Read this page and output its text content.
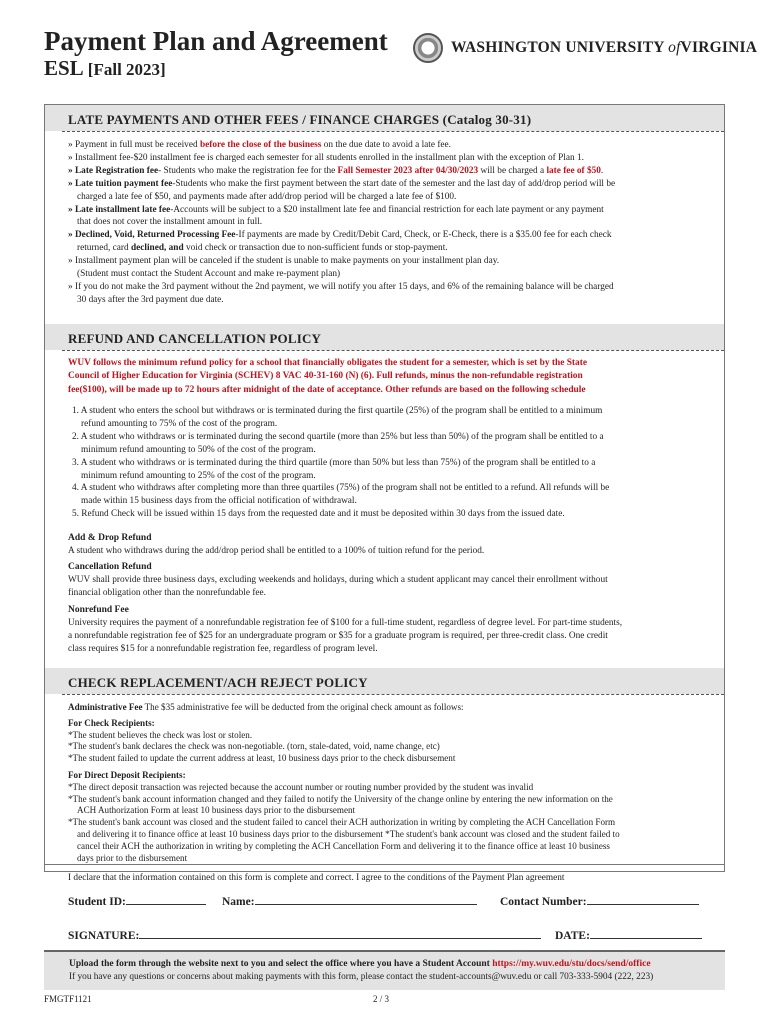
Payment Plan and Agreement
ESL [Fall 2023]
WASHINGTON UNIVERSITY ofVIRGINIA
LATE PAYMENTS AND OTHER FEES / FINANCE CHARGES (Catalog 30-31)

» Payment in full must be received before the close of the business on the due date to avoid a late fee.

» Installment fee-$20 installment fee is charged each semester for all students enrolled in the installment plan with the exception of Plan 1.

» Late Registration fee- Students who make the registration fee for the Fall Semester 2023 after 04/30/2023 will be charged a late fee of $50.

» Late tuition payment fee-Students who make the first payment between the start date of the semester and the last day of add/drop period will be

charged a late fee of $50, and payments made after add/drop period will be charged a late fee of $100.

» Late installment late fee-Accounts will be subject to a $20 installment late fee and financial restriction for each late payment or any payment

that does not cover the installment amount in full.

» Declined, Void, Returned Processing Fee-If payments are made by Credit/Debit Card, Check, or E-Check, there is a $35.00 fee for each check

returned, card declined, and void check or transaction due to non-sufficient funds or stop-payment.

» Installment payment plan will be canceled if the student is unable to make payments on your installment plan day.

(Student must contact the Student Account and make re-payment plan)

» If you do not make the 3rd payment without the 2nd payment, we will notify you after 15 days, and 6% of the remaining balance will be charged

30 days after the 3rd payment due date.

REFUND AND CANCELLATION POLICY

WUV follows the minimum refund policy for a school that financially obligates the student for a semester, which is set by the State

Council of Higher Education for Virginia (SCHEV) 8 VAC 40-31-160 (N) (6). Full refunds, minus the non-refundable registration

fee($100), will be made up to 72 hours after midnight of the date of acceptance. Other refunds are based on the following schedule

1. A student who enters the school but withdraws or is terminated during the first quartile (25%) of the program shall be entitled to a minimum

refund amounting to 75% of the cost of the program.

2. A student who withdraws or is terminated during the second quartile (more than 25% but less than 50%) of the program shall be entitled to a

minimum refund amounting to 50% of the cost of the program.

3. A student who withdraws or is terminated during the third quartile (more than 50% but less than 75%) of the program shall be entitled to a

minimum refund amounting to 25% of the cost of the program.

4. A student who withdraws after completing more than three quartiles (75%) of the program shall not be entitled to a refund. All refunds will be

made within 15 business days from the official notification of withdrawal.

5. Refund Check will be issued within 15 days from the requested date and it must be deposited within 30 days from the issued date.

Add & Drop Refund

A student who withdraws during the add/drop period shall be entitled to a 100% of tuition refund for the period.

Cancellation Refund

WUV shall provide three business days, excluding weekends and holidays, during which a student applicant may cancel their enrollment without

financial obligation other than the nonrefundable fee.

Nonrefund Fee

University requires the payment of a nonrefundable registration fee of $100 for a full-time student, regardless of degree level. For part-time students,

a nonrefundable registration fee of $25 for an undergraduate program or $35 for a graduate program is required, per three-credit class. One credit

class requires $15 for a nonrefundable registration fee, regardless of program level.

CHECK REPLACEMENT/ACH REJECT POLICY

Administrative Fee The $35 administrative fee will be deducted from the original check amount as follows:

For Check Recipients:

*The student believes the check was lost or stolen.

*The student's bank declares the check was non-negotiable. (torn, stale-dated, void, name change, etc)

*The student failed to update the current address at least, 10 business days prior to the check disbursement

For Direct Deposit Recipients:

*The direct deposit transaction was rejected because the account number or routing number provided by the student was invalid

*The student's bank account information changed and they failed to notify the University of the change online by entering the new information on the

ACH Authorization Form at least 10 business days prior to the disbursement

*The student's bank account was closed and the student failed to cancel their ACH authorization in writing by completing the ACH Cancellation Form

and delivering it to finance office at least 10 business days prior to the disbursement *The student's bank account was closed and the student failed to

cancel their ACH the authorization in writing by completing the ACH Cancellation Form and delivering it to the finance office at least 10 business

days prior to the disbursement

I declare that the information contained on this form is complete and correct. I agree to the conditions of the Payment Plan agreement
Student ID:	Name:	Contact Number:
SIGNATURE:	DATE:
Upload the form through the website next to you and select the office where you have a Student Account https://my.wuv.edu/stu/docs/send/office
If you have any questions or concerns about making payments with this form, please contact the student-accounts@wuv.edu or call 703-333-5904 (222, 223)
FMGTF1121	2 / 3
